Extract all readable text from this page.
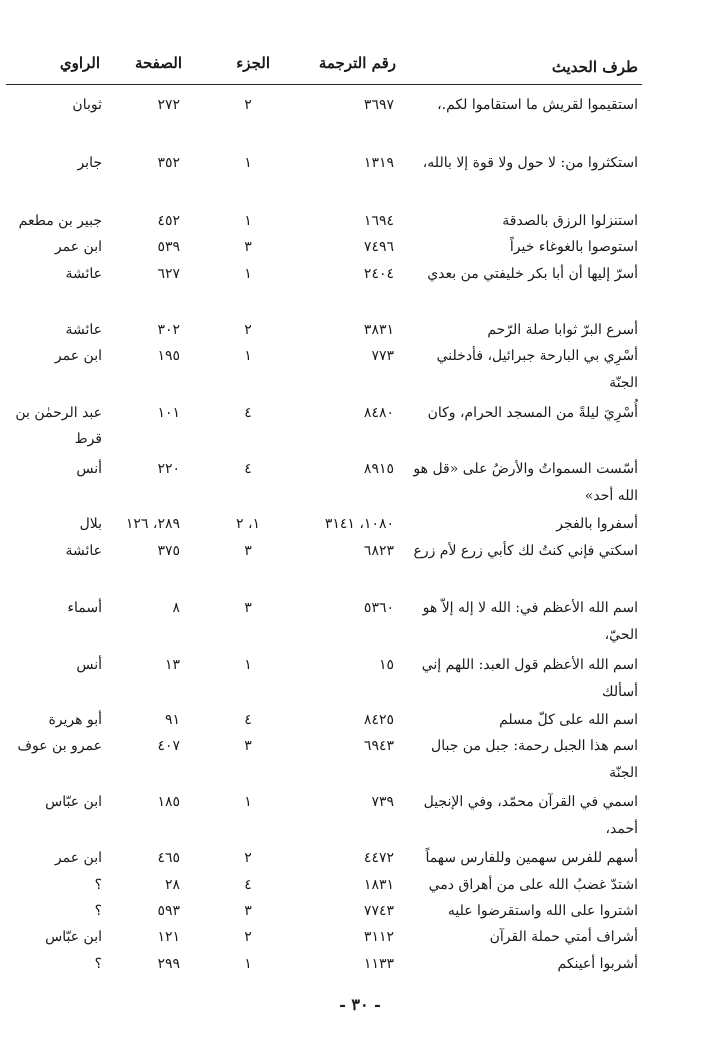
طرف الحديث
رقم الترجمة
الجزء
الصفحة
الراوي
استقيموا لقريش ما استقاموا لكم.،
٣٦٩٧
٢
٢٧٢
ثوبان
استكثروا من: لا حول ولا قوة إلا بالله،
١٣١٩
١
٣٥٢
جابر
استنزلوا الرزق بالصدقة
١٦٩٤
١
٤٥٢
جبير بن مطعم
استوصوا بالغوغاء خيراً
٧٤٩٦
٣
٥٣٩
ابن عمر
أسرّ إليها أن أبا بكر خليفتي من بعدي
٢٤٠٤
١
٦٢٧
عائشة
أسرع البرّ ثوابا صلة الرّحم
٣٨٣١
٢
٣٠٢
عائشة
أسْرِي بي البارحة جبرائيل، فأدخلني الجنّة
٧٧٣
١
١٩٥
ابن عمر
أُسْرِيَ ليلةً من المسجد الحرام، وكان
٨٤٨٠
٤
١٠١
عبد الرحمٰن بن قرط
أسّست السمواتُ والأرضُ على «قل هو الله أحد»
٨٩١٥
٤
٢٢٠
أنس
أسفروا بالفجر
١٠٨٠، ٣١٤١
١، ٢
٢٨٩، ١٢٦
بلال
اسكتي فإني كنتُ لك كأبي زرع لأم زرع
٦٨٢٣
٣
٣٧٥
عائشة
اسم الله الأعظم في: الله لا إله إلاّ هو الحيّ،
٥٣٦٠
٣
٨
أسماء
اسم الله الأعظم قول العبد: اللهم إني أسألك
١٥
١
١٣
أنس
اسم الله على كلّ مسلم
٨٤٢٥
٤
٩١
أبو هريرة
اسم هذا الجبل رحمة: جبل من جبال الجنّة
٦٩٤٣
٣
٤٠٧
عمرو بن عوف
اسمي في القرآن محمّد، وفي الإنجيل أحمد،
٧٣٩
١
١٨٥
ابن عبّاس
أسهم للفرس سهمين وللفارس سهماً
٤٤٧٢
٢
٤٦٥
ابن عمر
اشتدّ غضبُ الله على من أهراق دمي
١٨٣١
٤
٢٨
؟
اشتروا على الله واستقرضوا عليه
٧٧٤٣
٣
٥٩٣
؟
أشراف أمتي حملة القرآن
٣١١٢
٢
١٢١
ابن عبّاس
أشربوا أعينكم
١١٣٣
١
٢٩٩
؟
- ٣٠ -
